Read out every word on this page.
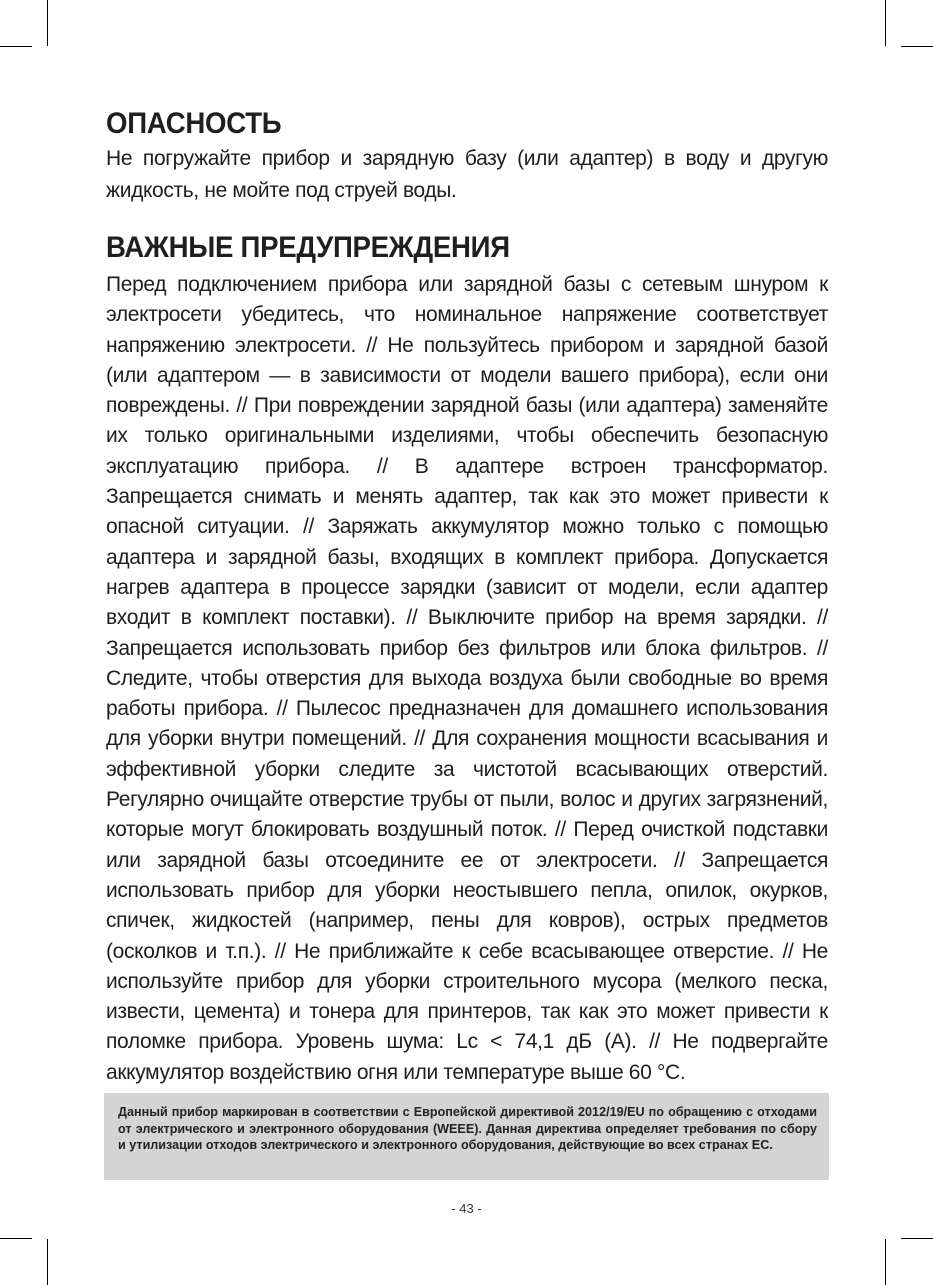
ОПАСНОСТЬ

Не погружайте прибор и зарядную базу (или адаптер) в воду и другую жидкость, не мойте под струей воды.

ВАЖНЫЕ ПРЕДУПРЕЖДЕНИЯ

Перед подключением прибора или зарядной базы с сетевым шнуром к электросети убедитесь, что номинальное напряжение соответствует напряжению электросети. // Не пользуйтесь прибором и зарядной базой (или адаптером — в зависимости от модели вашего прибора), если они повреждены. // При повреждении зарядной базы (или адаптера) заменяйте их только оригинальными изделиями, чтобы обеспечить безопасную эксплуатацию прибора. // В адаптере встроен трансформатор. Запрещается снимать и менять адаптер, так как это может привести к опасной ситуации. // Заряжать аккумулятор можно только с помощью адаптера и зарядной базы, входящих в комплект прибора. Допускается нагрев адаптера в процессе зарядки (зависит от модели, если адаптер входит в комплект поставки). // Выключите прибор на время зарядки. // Запрещается использовать прибор без фильтров или блока фильтров. // Следите, чтобы отверстия для выхода воздуха были свободные во время работы прибора. // Пылесос предназначен для домашнего использования для уборки внутри помещений. // Для сохранения мощности всасывания и эффективной уборки следите за чистотой всасывающих отверстий. Регулярно очищайте отверстие трубы от пыли, волос и других загрязнений, которые могут блокировать воздушный поток. // Перед очисткой подставки или зарядной базы отсоедините ее от электросети. // Запрещается использовать прибор для уборки неостывшего пепла, опилок, окурков, спичек, жидкостей (например, пены для ковров), острых предметов (осколков и т.п.). // Не приближайте к себе всасывающее отверстие. // Не используйте прибор для уборки строительного мусора (мелкого песка, извести, цемента) и тонера для принтеров, так как это может привести к поломке прибора. Уровень шума: Lc < 74,1 дБ (A). // Не подвергайте аккумулятор воздействию огня или температуре выше 60 °C.

Данный прибор маркирован в соответствии с Европейской директивой 2012/19/EU по обращению с отходами от электрического и электронного оборудования (WEEE). Данная директива определяет требования по сбору и утилизации отходов электрического и электронного оборудования, действующие во всех странах ЕС.

- 43 -
